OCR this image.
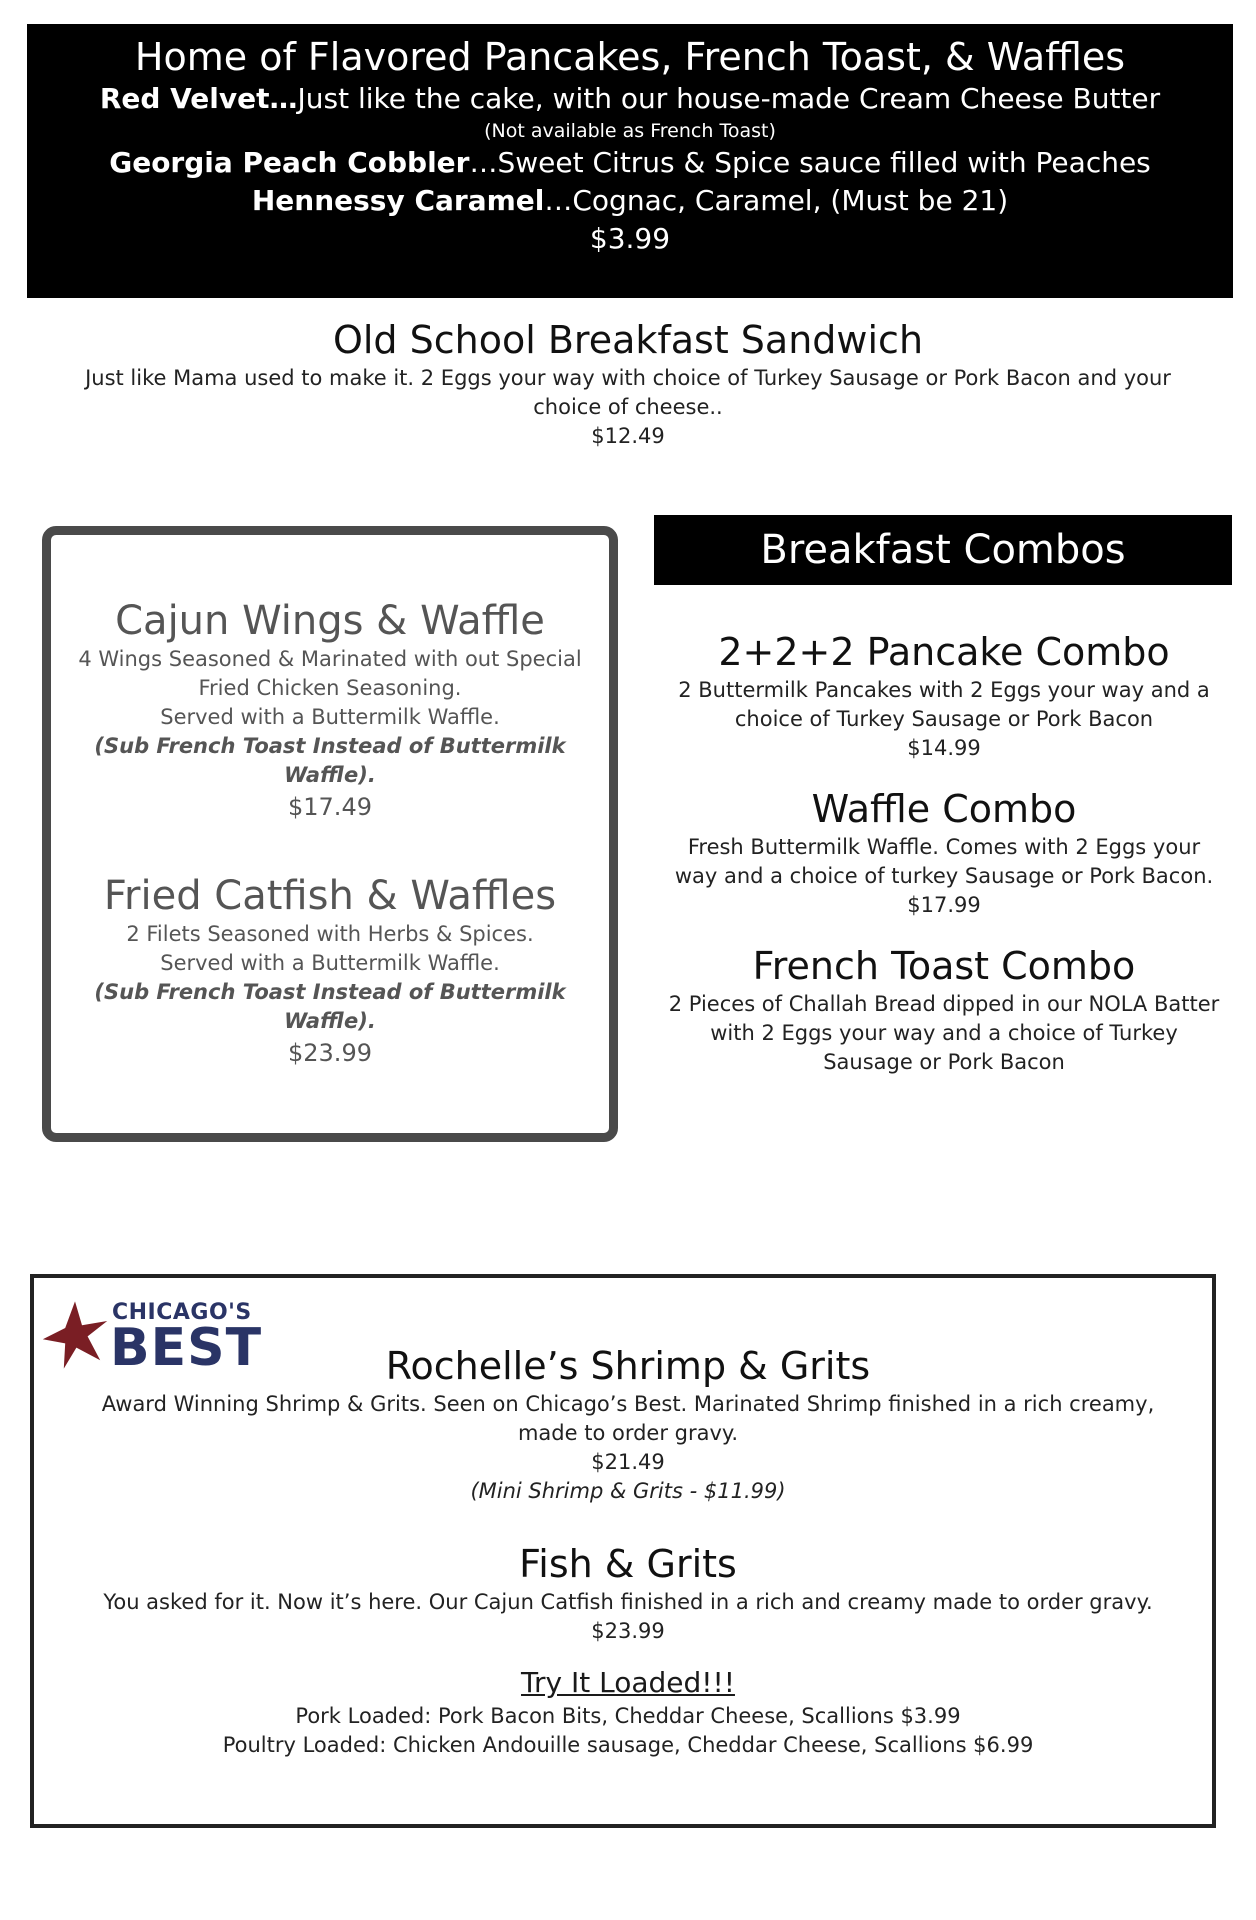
Home of Flavored Pancakes, French Toast, & Waffles
Red Velvet…Just like the cake, with our house-made Cream Cheese Butter
(Not available as French Toast)
Georgia Peach Cobbler…Sweet Citrus & Spice sauce filled with Peaches
Hennessy Caramel…Cognac, Caramel, (Must be 21)
$3.99
Old School Breakfast Sandwich
Just like Mama used to make it. 2 Eggs your way with choice of Turkey Sausage or Pork Bacon and your choice of cheese..
$12.49
Cajun Wings & Waffle
4 Wings Seasoned & Marinated with out Special Fried Chicken Seasoning.
Served with a Buttermilk Waffle.
(Sub French Toast Instead of Buttermilk Waffle).
$17.49
Fried Catfish & Waffles
2 Filets Seasoned with Herbs & Spices.
Served with a Buttermilk Waffle.
(Sub French Toast Instead of Buttermilk Waffle).
$23.99
Breakfast Combos
2+2+2 Pancake Combo
2 Buttermilk Pancakes with 2 Eggs your way and a choice of Turkey Sausage or Pork Bacon
$14.99
Waffle Combo
Fresh Buttermilk Waffle. Comes with 2 Eggs your way and a choice of turkey Sausage or Pork Bacon.
$17.99
French Toast Combo
2 Pieces of Challah Bread dipped in our NOLA Batter with 2 Eggs your way and a choice of Turkey Sausage or Pork Bacon
CHICAGO'S
BEST	Rochelle’s Shrimp & Grits
Award Winning Shrimp & Grits. Seen on Chicago’s Best. Marinated Shrimp finished in a rich creamy, made to order gravy.
$21.49
(Mini Shrimp & Grits - $11.99)
Fish & Grits
You asked for it. Now it’s here. Our Cajun Catfish finished in a rich and creamy made to order gravy.
$23.99
Try It Loaded!!!
Pork Loaded: Pork Bacon Bits, Cheddar Cheese, Scallions $3.99
Poultry Loaded: Chicken Andouille sausage, Cheddar Cheese, Scallions $6.99
